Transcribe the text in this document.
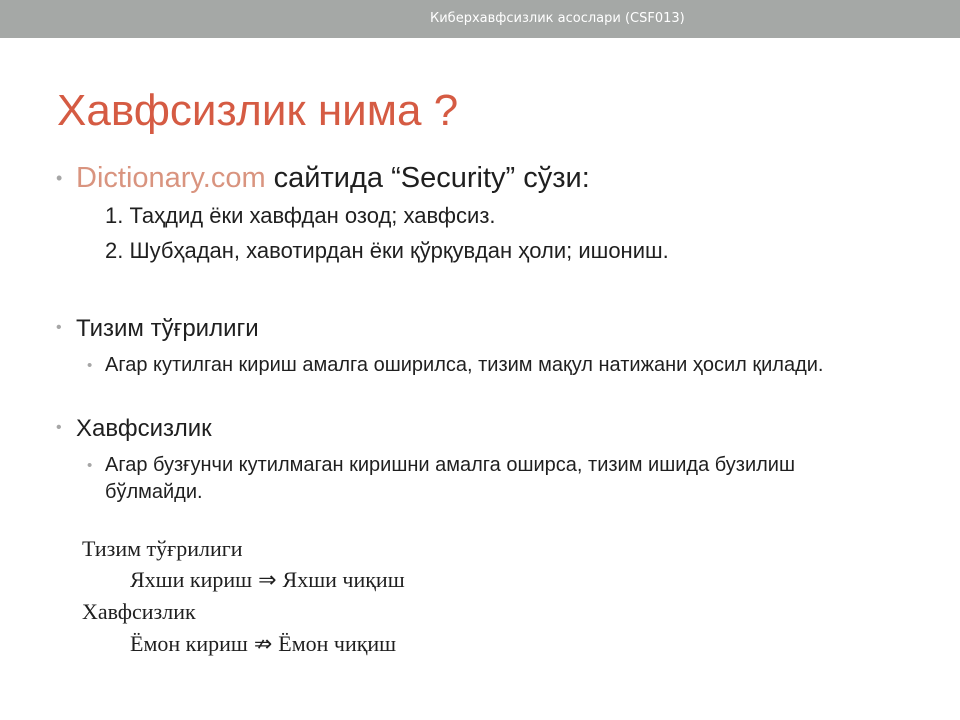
Киберхавфсизлик асослари (CSF013)
Хавфсизлик нима ?
• Dictionary.com сайтида “Security” сўзи:
1. Таҳдид ёки хавфдан озод; хавфсиз.
2. Шубҳадан, хавотирдан ёки қўрқувдан ҳоли; ишониш.
• Тизим тўғрилиги
• Агар кутилган кириш амалга оширилса, тизим мақул натижани ҳосил қилади.
• Хавфсизлик
• Агар бузғунчи кутилмаган киришни амалга оширса, тизим ишида бузилиш бўлмайди.
Тизим тўғрилиги
Яхши кириш ⇒ Яхши чиқиш
Хавфсизлик
Ёмон кириш ⇏ Ёмон чиқиш
